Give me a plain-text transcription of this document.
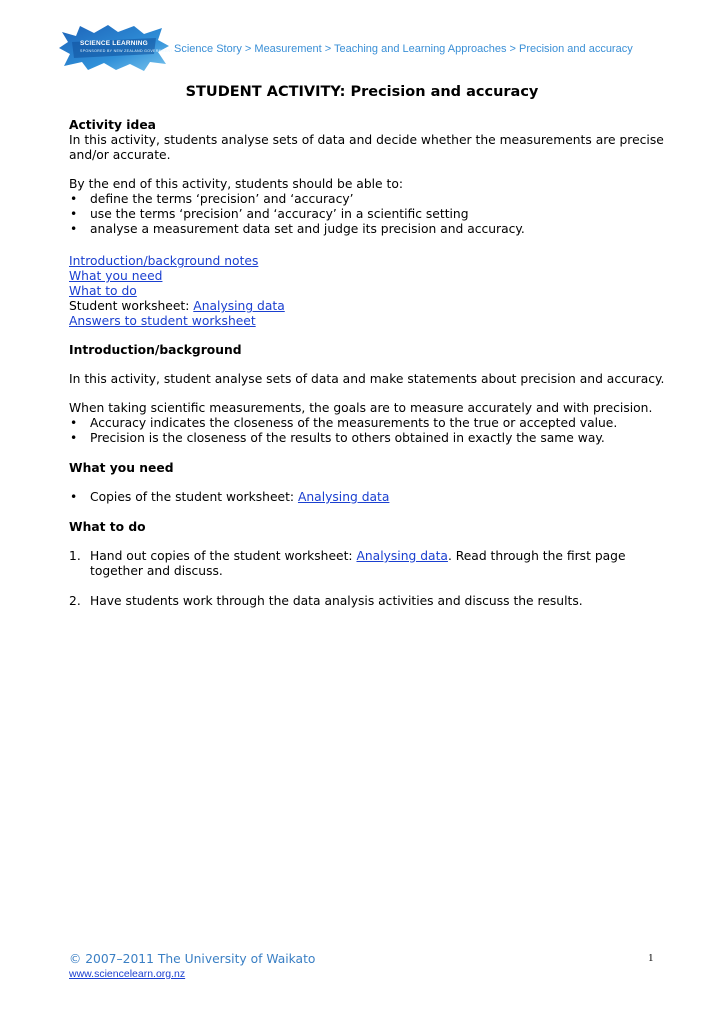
SCIENCE LEARNING
SPONSORED BY NEW ZEALAND GOVERNMENT Science Story > Measurement > Teaching and Learning Approaches > Precision and accuracy
STUDENT ACTIVITY: Precision and accuracy

Activity idea

In this activity, students analyse sets of data and decide whether the measurements are precise and/or accurate.

By the end of this activity, students should be able to:

• define the terms ‘precision’ and ‘accuracy’
• use the terms ‘precision’ and ‘accuracy’ in a scientific setting
• analyse a measurement data set and judge its precision and accuracy.

Introduction/background notes

What you need

What to do

Student worksheet: Analysing data

Answers to student worksheet

Introduction/background

In this activity, student analyse sets of data and make statements about precision and accuracy.

When taking scientific measurements, the goals are to measure accurately and with precision.

• Accuracy indicates the closeness of the measurements to the true or accepted value.
• Precision is the closeness of the results to others obtained in exactly the same way.

What you need

• Copies of the student worksheet: Analysing data

What to do

1. Hand out copies of the student worksheet: Analysing data. Read through the first page together and discuss.
2. Have students work through the data analysis activities and discuss the results.
© 2007–2011 The University of Waikato
www.sciencelearn.org.nz
1
